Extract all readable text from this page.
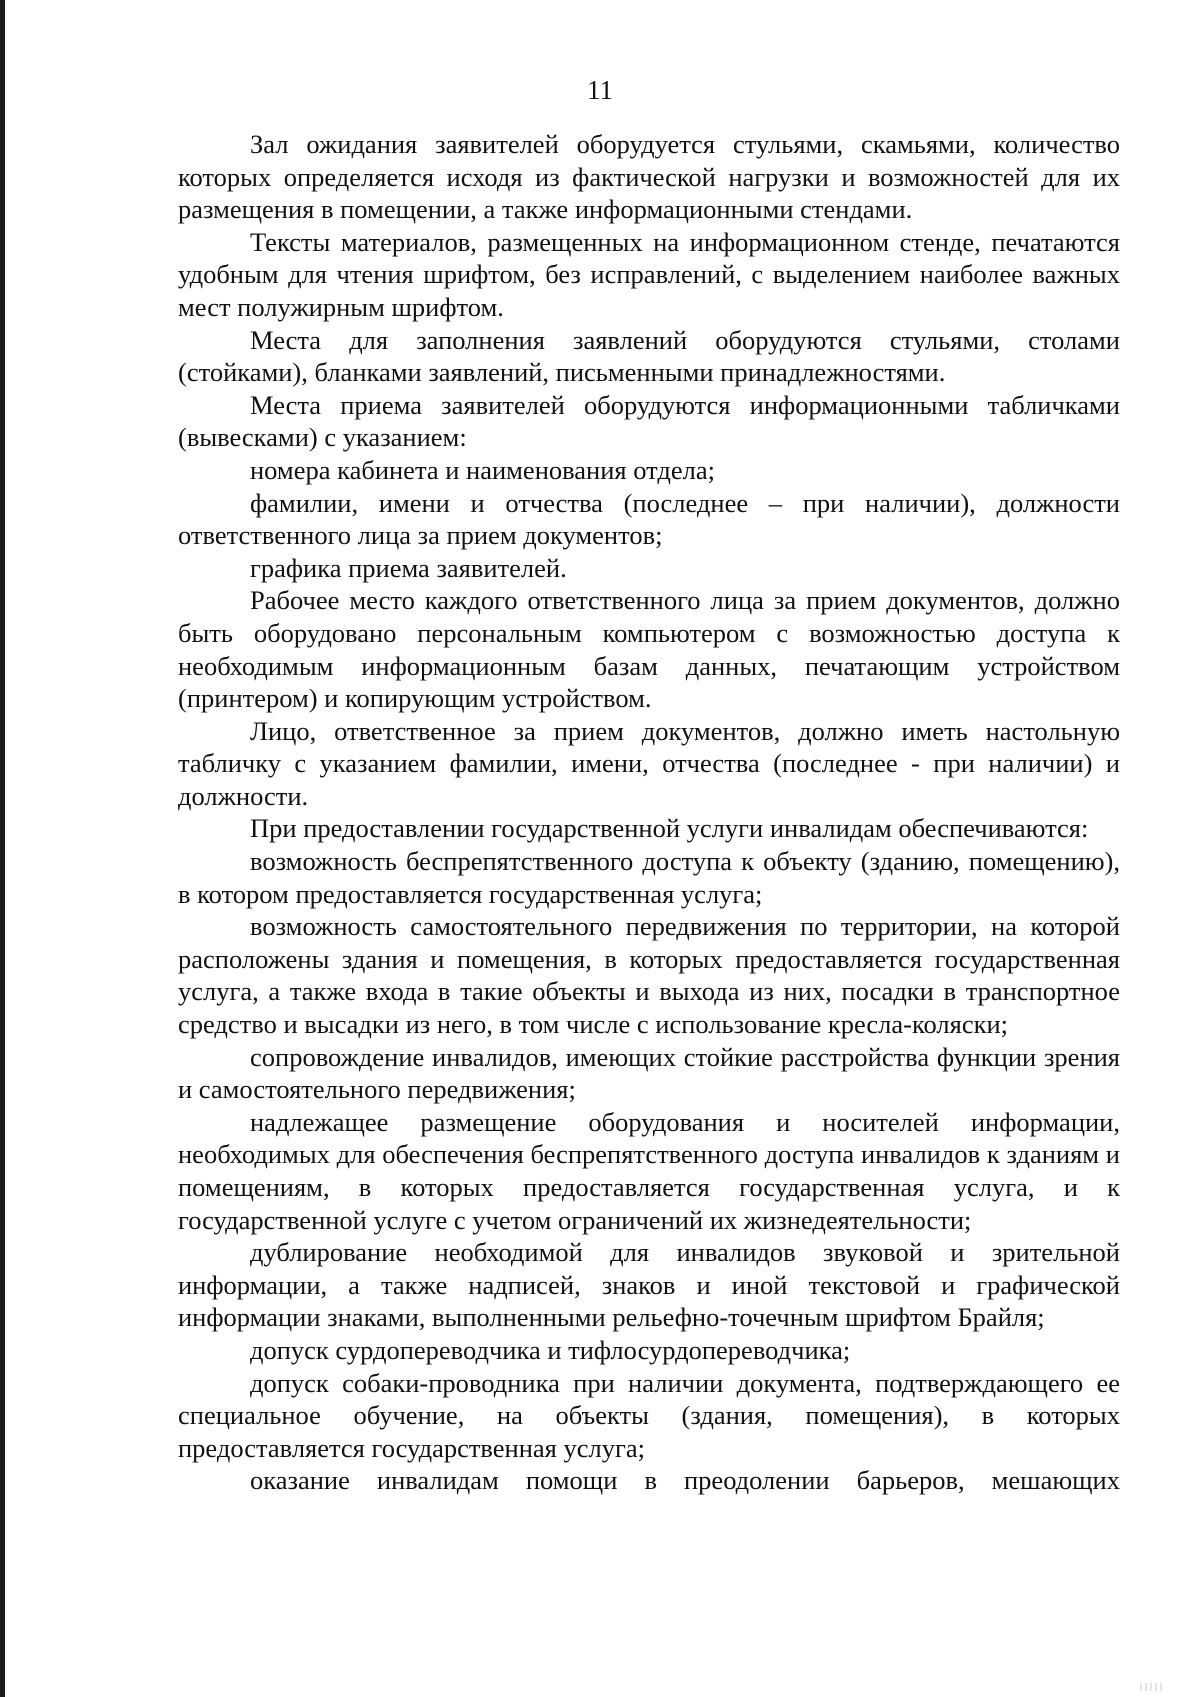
11

Зал ожидания заявителей оборудуется стульями, скамьями, количество которых определяется исходя из фактической нагрузки и возможностей для их размещения в помещении, а также информационными стендами.

Тексты материалов, размещенных на информационном стенде, печатаются удобным для чтения шрифтом, без исправлений, с выделением наиболее важных мест полужирным шрифтом.

Места для заполнения заявлений оборудуются стульями, столами (стойками), бланками заявлений, письменными принадлежностями.

Места приема заявителей оборудуются информационными табличками (вывесками) с указанием:

номера кабинета и наименования отдела;

фамилии, имени и отчества (последнее – при наличии), должности ответственного лица за прием документов;

графика приема заявителей.

Рабочее место каждого ответственного лица за прием документов, должно быть оборудовано персональным компьютером с возможностью доступа к необходимым информационным базам данных, печатающим устройством (принтером) и копирующим устройством.

Лицо, ответственное за прием документов, должно иметь настольную табличку с указанием фамилии, имени, отчества (последнее - при наличии) и должности.

При предоставлении государственной услуги инвалидам обеспечиваются:

возможность беспрепятственного доступа к объекту (зданию, помещению), в котором предоставляется государственная услуга;

возможность самостоятельного передвижения по территории, на которой расположены здания и помещения, в которых предоставляется государственная услуга, а также входа в такие объекты и выхода из них, посадки в транспортное средство и высадки из него, в том числе с использование кресла-коляски;

сопровождение инвалидов, имеющих стойкие расстройства функции зрения и самостоятельного передвижения;

надлежащее размещение оборудования и носителей информации, необходимых для обеспечения беспрепятственного доступа инвалидов к зданиям и помещениям, в которых предоставляется государственная услуга, и к государственной услуге с учетом ограничений их жизнедеятельности;

дублирование необходимой для инвалидов звуковой и зрительной информации, а также надписей, знаков и иной текстовой и графической информации знаками, выполненными рельефно-точечным шрифтом Брайля;

допуск сурдопереводчика и тифлосурдопереводчика;

допуск собаки-проводника при наличии документа, подтверждающего ее специальное обучение, на объекты (здания, помещения), в которых предоставляется государственная услуга;

оказание инвалидам помощи в преодолении барьеров, мешающих
